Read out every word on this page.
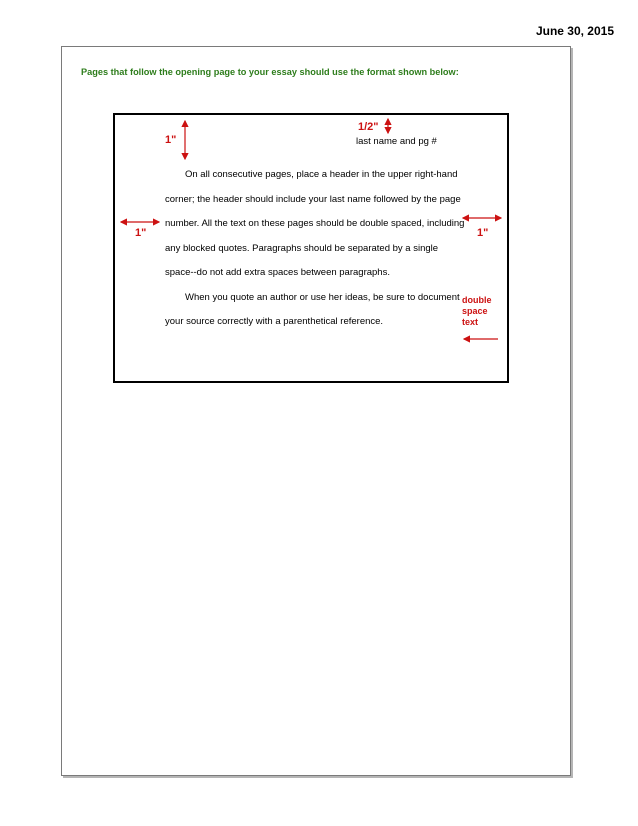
June 30, 2015
Pages that follow the opening page to your essay should use the format shown below:
1"
1/2"
1"	1"
double
space
text
last name and pg #

On all consecutive pages, place a header in the upper right-hand corner; the header should include your last name followed by the page number. All the text on these pages should be double spaced, including any blocked quotes. Paragraphs should be separated by a single space--do not add extra spaces between paragraphs.

When you quote an author or use her ideas, be sure to document your source correctly with a parenthetical reference.
